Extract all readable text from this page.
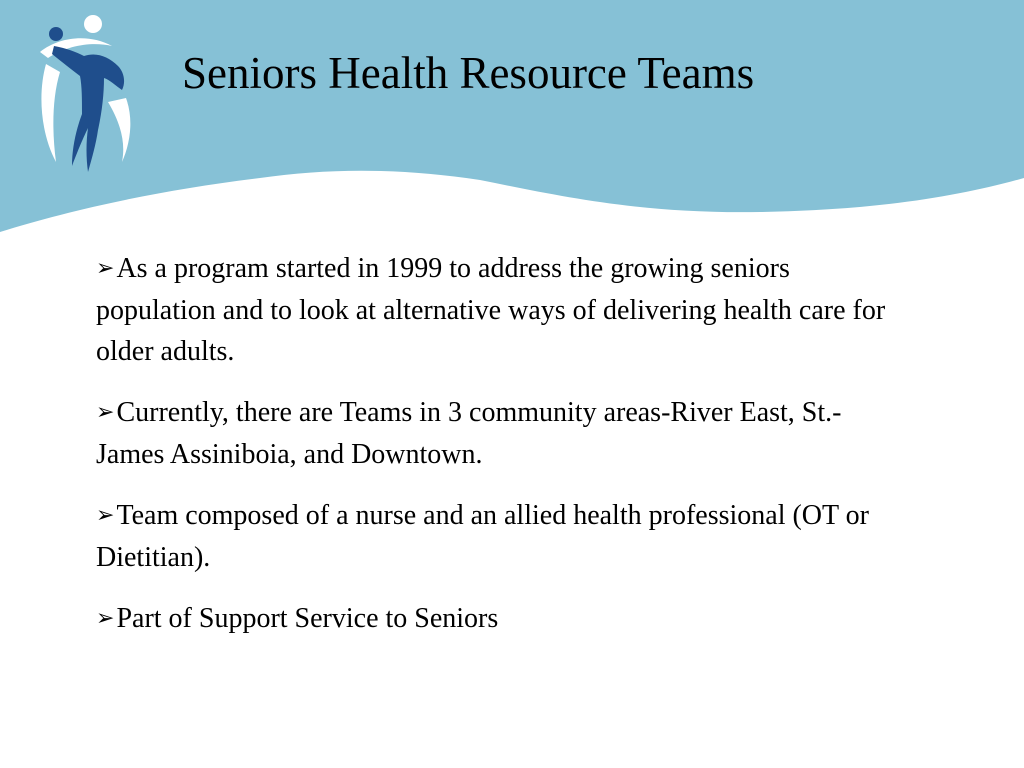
Seniors Health Resource Teams

➢As a program started in 1999 to address the growing seniors population and to look at alternative ways of delivering health care for older adults.

➢Currently, there are Teams in 3 community areas-River East, St.-James Assiniboia, and Downtown.

➢Team composed of a nurse and an allied health professional (OT or Dietitian).

➢Part of Support Service to Seniors
